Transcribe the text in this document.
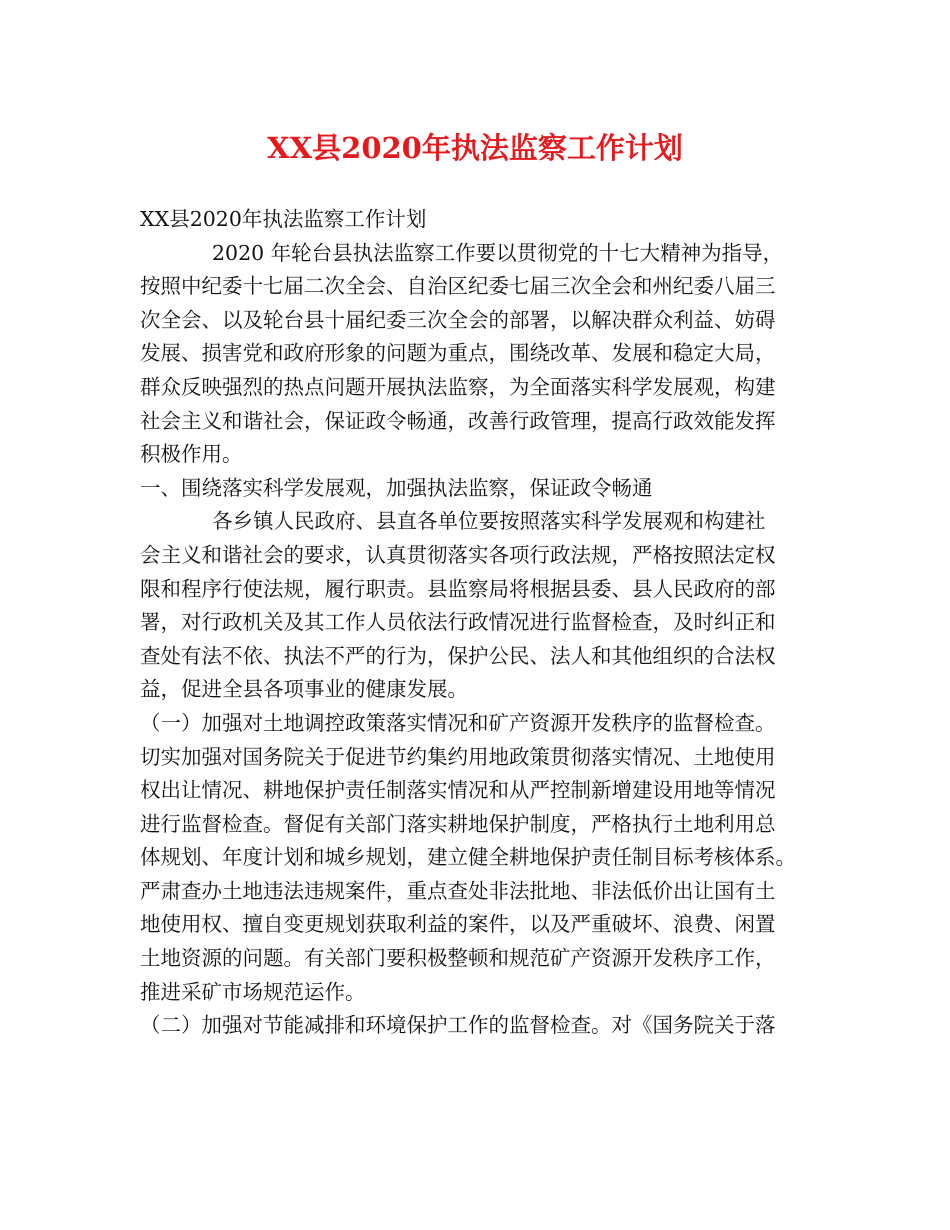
XX县2020年执法监察工作计划
XX县2020年执法监察工作计划
2020 年轮台县执法监察工作要以贯彻党的十七大精神为指导，
按照中纪委十七届二次全会、自治区纪委七届三次全会和州纪委八届三
次全会、以及轮台县十届纪委三次全会的部署，以解决群众利益、妨碍
发展、损害党和政府形象的问题为重点，围绕改革、发展和稳定大局，
群众反映强烈的热点问题开展执法监察，为全面落实科学发展观，构建
社会主义和谐社会，保证政令畅通，改善行政管理，提高行政效能发挥
积极作用。
一、围绕落实科学发展观，加强执法监察，保证政令畅通
各乡镇人民政府、县直各单位要按照落实科学发展观和构建社
会主义和谐社会的要求，认真贯彻落实各项行政法规，严格按照法定权
限和程序行使法规，履行职责。县监察局将根据县委、县人民政府的部
署，对行政机关及其工作人员依法行政情况进行监督检查，及时纠正和
查处有法不依、执法不严的行为，保护公民、法人和其他组织的合法权
益，促进全县各项事业的健康发展。
（一）加强对土地调控政策落实情况和矿产资源开发秩序的监督检查。
切实加强对国务院关于促进节约集约用地政策贯彻落实情况、土地使用
权出让情况、耕地保护责任制落实情况和从严控制新增建设用地等情况
进行监督检查。督促有关部门落实耕地保护制度，严格执行土地利用总
体规划、年度计划和城乡规划，建立健全耕地保护责任制目标考核体系。
严肃查办土地违法违规案件，重点查处非法批地、非法低价出让国有土
地使用权、擅自变更规划获取利益的案件，以及严重破坏、浪费、闲置
土地资源的问题。有关部门要积极整顿和规范矿产资源开发秩序工作，
推进采矿市场规范运作。
（二）加强对节能减排和环境保护工作的监督检查。对《国务院关于落
